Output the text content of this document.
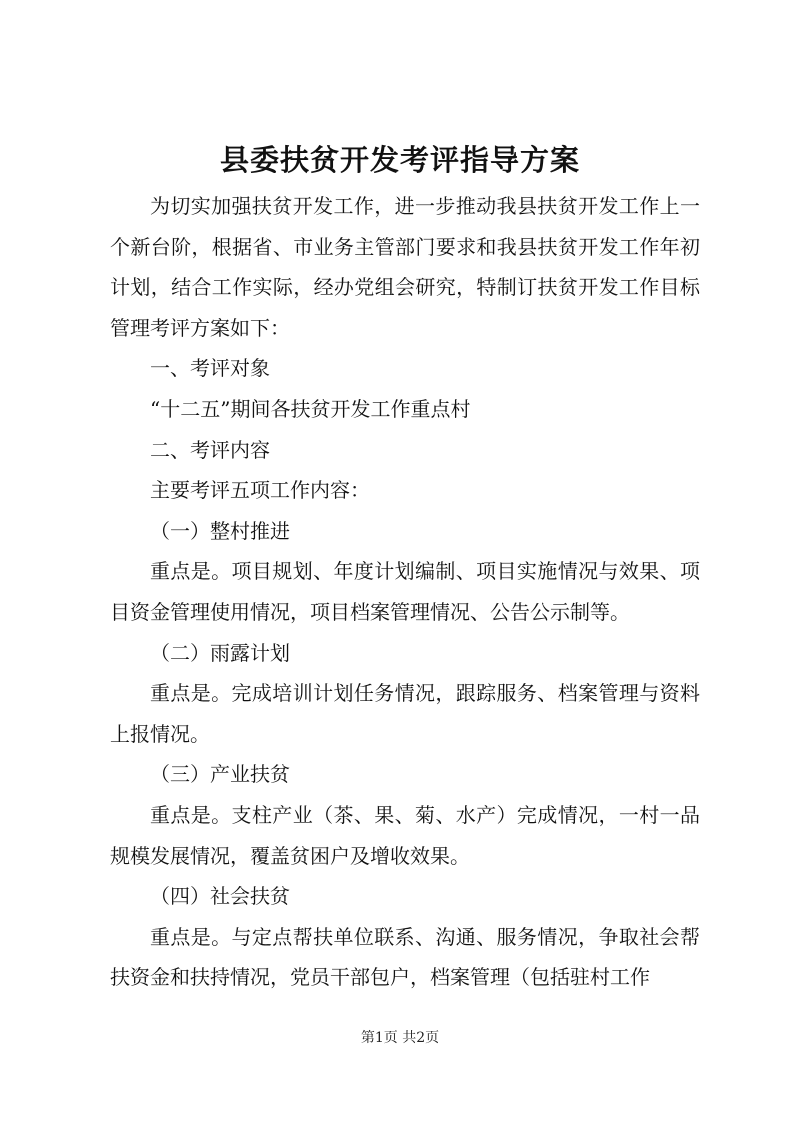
县委扶贫开发考评指导方案

为切实加强扶贫开发工作，进一步推动我县扶贫开发工作上一个新台阶，根据省、市业务主管部门要求和我县扶贫开发工作年初计划，结合工作实际，经办党组会研究，特制订扶贫开发工作目标管理考评方案如下：

一、考评对象

“十二五”期间各扶贫开发工作重点村

二、考评内容

主要考评五项工作内容：

（一）整村推进

重点是。项目规划、年度计划编制、项目实施情况与效果、项目资金管理使用情况，项目档案管理情况、公告公示制等。

（二）雨露计划

重点是。完成培训计划任务情况，跟踪服务、档案管理与资料上报情况。

（三）产业扶贫

重点是。支柱产业（茶、果、菊、水产）完成情况，一村一品规模发展情况，覆盖贫困户及增收效果。

（四）社会扶贫

重点是。与定点帮扶单位联系、沟通、服务情况，争取社会帮扶资金和扶持情况，党员干部包户，档案管理（包括驻村工作

第1页 共2页
